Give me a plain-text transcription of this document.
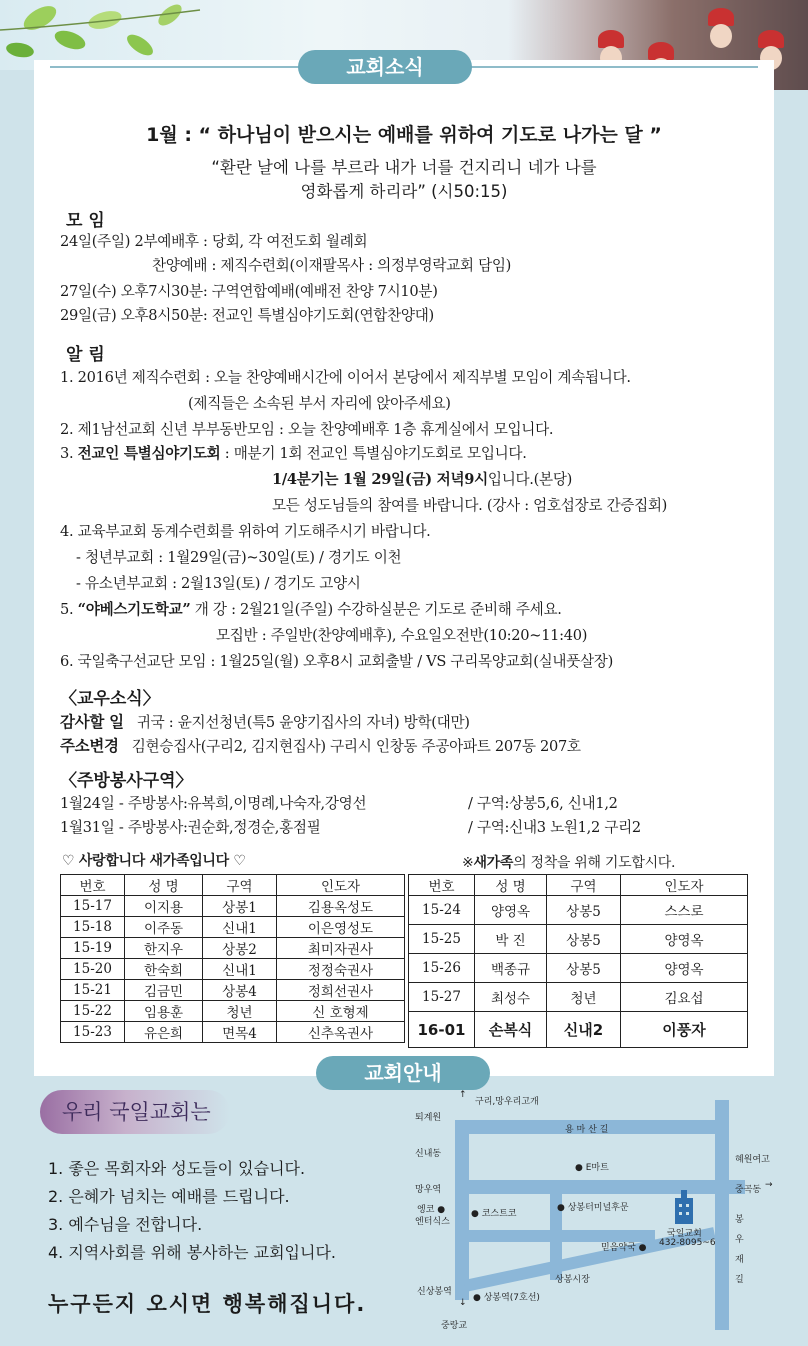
교회소식
1월 : “ 하나님이 받으시는 예배를 위하여 기도로 나가는 달 ”
“환란 날에 나를 부르라 내가 너를 건지리니 네가 나를
영화롭게 하리라” (시50:15)
모 임
24일(주일) 2부예배후 : 당회, 각 여전도회 월례회
찬양예배 : 제직수련회(이재팔목사 : 의정부영락교회 담임)
27일(수) 오후7시30분: 구역연합예배(예배전 찬양 7시10분)
29일(금) 오후8시50분: 전교인 특별심야기도회(연합찬양대)
알 림
1. 2016년 제직수련회 : 오늘 찬양예배시간에 이어서 본당에서 제직부별 모임이 계속됩니다.
(제직들은 소속된 부서 자리에 앉아주세요)
2. 제1남선교회 신년 부부동반모임 : 오늘 찬양예배후 1층 휴게실에서 모입니다.
3. 전교인 특별심야기도회 : 매분기 1회 전교인 특별심야기도회로 모입니다.
1/4분기는 1월 29일(금) 저녁9시입니다.(본당)
모든 성도님들의 참여를 바랍니다. (강사 : 엄호섭장로 간증집회)
4. 교육부교회 동계수련회를 위하여 기도해주시기 바랍니다.
- 청년부교회 : 1월29일(금)~30일(토) / 경기도 이천
- 유소년부교회 : 2월13일(토) / 경기도 고양시
5. “야베스기도학교” 개 강 : 2월21일(주일) 수강하실분은 기도로 준비해 주세요.
모집반 : 주일반(찬양예배후), 수요일오전반(10:20~11:40)
6. 국일축구선교단 모임 : 1월25일(월) 오후8시 교회출발 / VS 구리목양교회(실내풋살장)
〈교우소식〉
감사할 일 귀국 : 윤지선청년(특5 윤양기집사의 자녀) 방학(대만)
주소변경 김현승집사(구리2, 김지현집사) 구리시 인창동 주공아파트 207동 207호
〈주방봉사구역〉
1월24일 - 주방봉사:유복희,이명례,나숙자,강영선	/ 구역:상봉5,6, 신내1,2
1월31일 - 주방봉사:권순화,정경순,홍점필	/ 구역:신내3 노원1,2 구리2
♡ 사랑합니다 새가족입니다 ♡	※새가족의 정착을 위해 기도합시다.
번호	성 명	구역	인도자
15-17	이지용	상봉1	김용옥성도
15-18	이주동	신내1	이은영성도
15-19	한지우	상봉2	최미자권사
15-20	한숙희	신내1	정정숙권사
15-21	김금민	상봉4	정희선권사
15-22	임용훈	청년	신 호형제
15-23	유은희	면목4	신추옥권사
번호	성 명	구역	인도자
15-24	양영옥	상봉5	스스로
15-25	박 진	상봉5	양영옥
15-26	백종규	상봉5	양영옥
15-27	최성수	청년	김요섭
16-01	손복식	신내2	이풍자
교회안내
우리 국일교회는
1. 좋은 목회자와 성도들이 있습니다.
2. 은혜가 넘치는 예배를 드립니다.
3. 예수님을 전합니다.
4. 지역사회를 위해 봉사하는 교회입니다.
누구든지 오시면 행복해집니다.
↑
구리,망우리고개
퇴계원
용 마 산 길
신내동
● E마트
혜원여고
망우역	중곡동 →
엥코 ●
엔터식스
● 코스트코
● 상봉터미널후문
국일교회
432-8095~6
믿음약국 ●
봉 우 재 길
상봉시장
신상봉역
● 상봉역(7호선)
↓
중랑교
